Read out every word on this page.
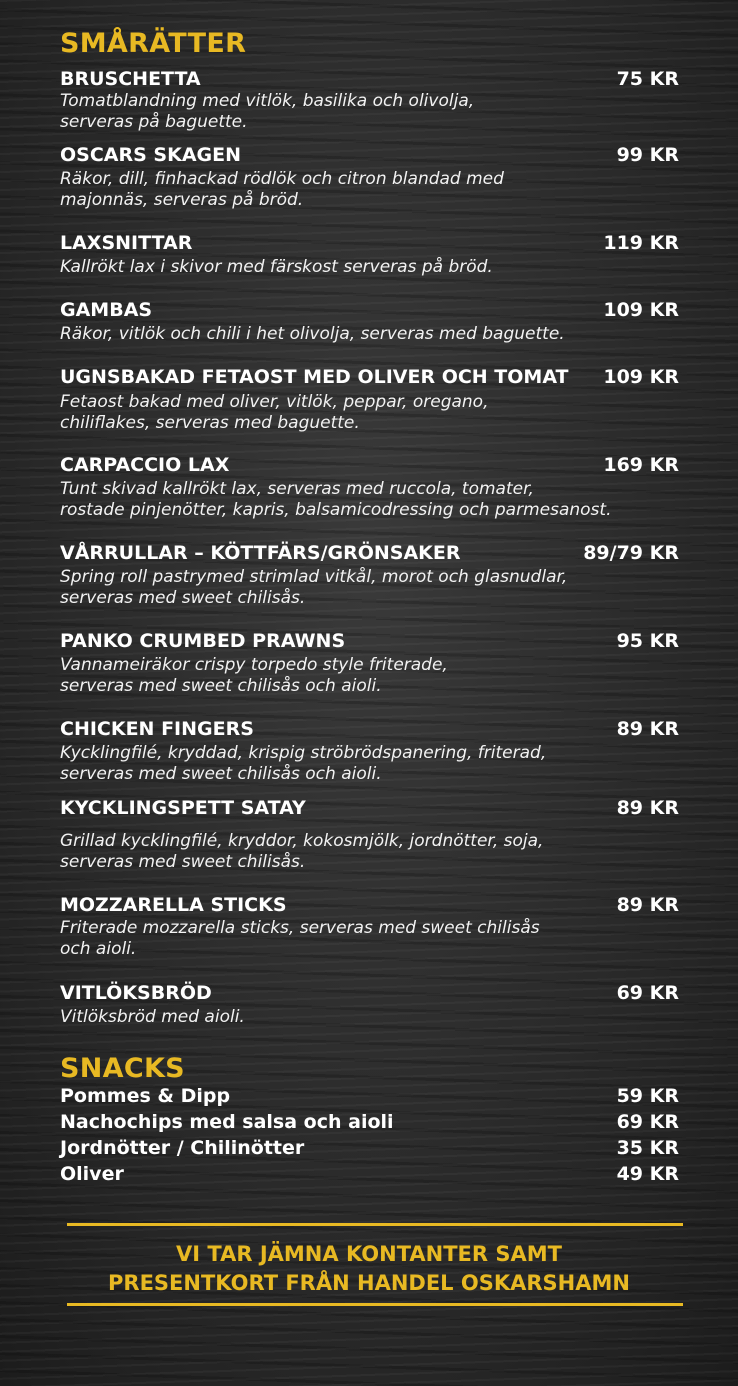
SMÅRÄTTER
BRUSCHETTA	75 KR
Tomatblandning med vitlök, basilika och olivolja,
serveras på baguette.
OSCARS SKAGEN	99 KR
Räkor, dill, finhackad rödlök och citron blandad med
majonnäs, serveras på bröd.
LAXSNITTAR	119 KR
Kallrökt lax i skivor med färskost serveras på bröd.
GAMBAS	109 KR
Räkor, vitlök och chili i het olivolja, serveras med baguette.
UGNSBAKAD FETAOST MED OLIVER OCH TOMAT 109 KR
Fetaost bakad med oliver, vitlök, peppar, oregano,
chiliflakes, serveras med baguette.
CARPACCIO LAX	169 KR
Tunt skivad kallrökt lax, serveras med ruccola, tomater,
rostade pinjenötter, kapris, balsamicodressing och parmesanost.
VÅRRULLAR – KÖTTFÄRS/GRÖNSAKER	89/79 KR
Spring roll pastrymed strimlad vitkål, morot och glasnudlar,
serveras med sweet chilisås.
PANKO CRUMBED PRAWNS	95 KR
Vannameiräkor crispy torpedo style friterade,
serveras med sweet chilisås och aioli.
CHICKEN FINGERS	89 KR
Kycklingfilé, kryddad, krispig ströbrödspanering, friterad,
serveras med sweet chilisås och aioli.
KYCKLINGSPETT SATAY	89 KR
Grillad kycklingfilé, kryddor, kokosmjölk, jordnötter, soja,
serveras med sweet chilisås.
MOZZARELLA STICKS	89 KR
Friterade mozzarella sticks, serveras med sweet chilisås
och aioli.
VITLÖKSBRÖD	69 KR
Vitlöksbröd med aioli.
SNACKS
Pommes & Dipp	59 KR
Nachochips med salsa och aioli	69 KR
Jordnötter / Chilinötter	35 KR
Oliver	49 KR
VI TAR JÄMNA KONTANTER SAMT
PRESENTKORT FRÅN HANDEL OSKARSHAMN
